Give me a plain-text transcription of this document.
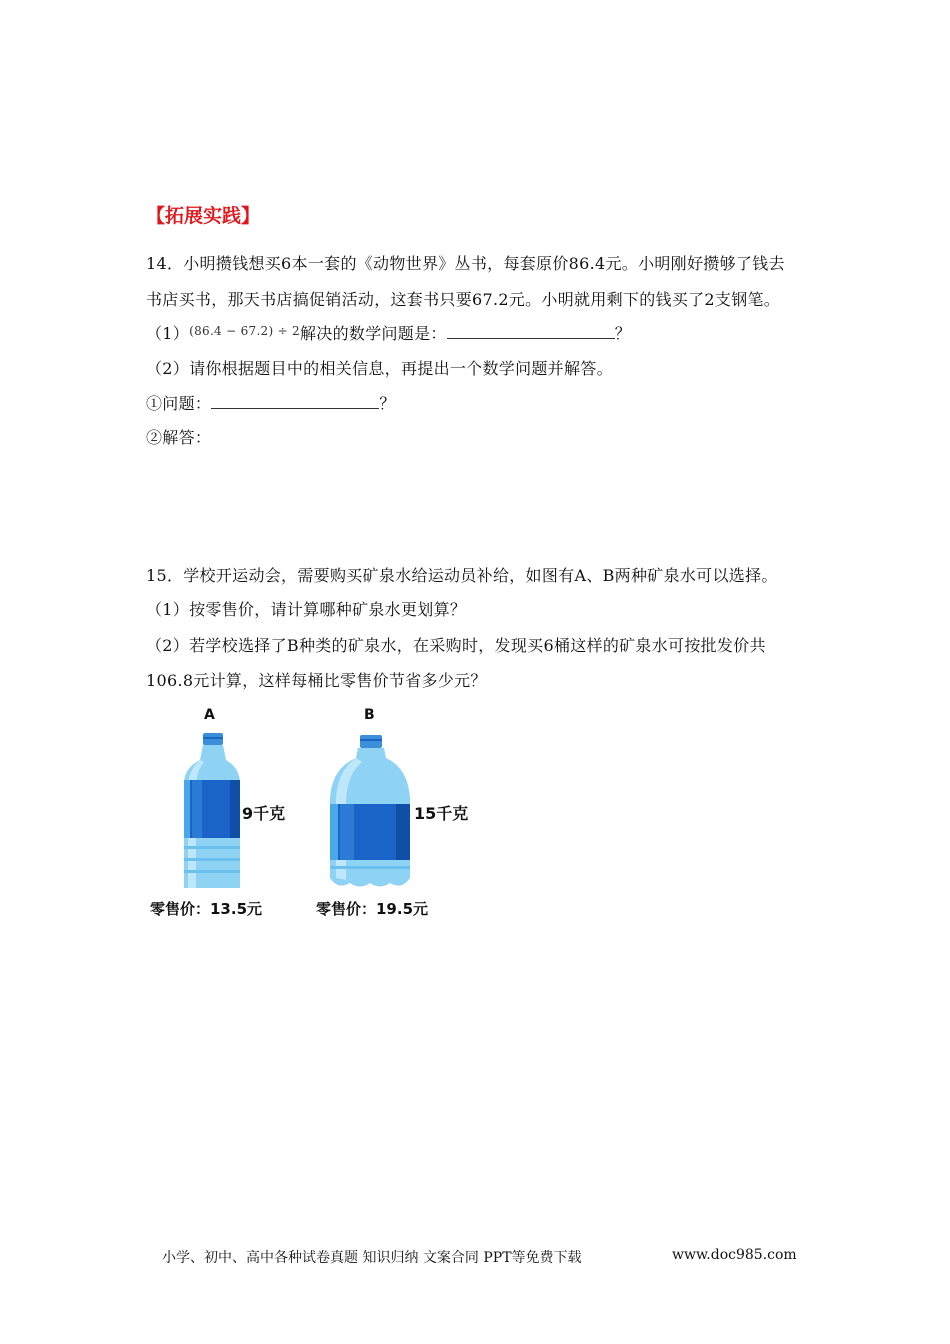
【拓展实践】
14．小明攒钱想买6本一套的《动物世界》丛书，每套原价86.4元。小明刚好攒够了钱去
书店买书，那天书店搞促销活动，这套书只要67.2元。小明就用剩下的钱买了2支钢笔。
$(1)^{(86.4 - 67.2) \div 2}$解决的数学问题是：	？
（2）请你根据题目中的相关信息，再提出一个数学问题并解答。
①问题：	？
②解答：
15．学校开运动会，需要购买矿泉水给运动员补给，如图有A、B两种矿泉水可以选择。
（1）按零售价，请计算哪种矿泉水更划算？
（2）若学校选择了B种类的矿泉水，在采购时，发现买6桶这样的矿泉水可按批发价共
106.8元计算，这样每桶比零售价节省多少元？
A	B
9千克	15千克
零售价：13.5元	零售价：19.5元
小学、初中、高中各种试卷真题 知识归纳 文案合同 PPT等免费下载	www.doc985.com
